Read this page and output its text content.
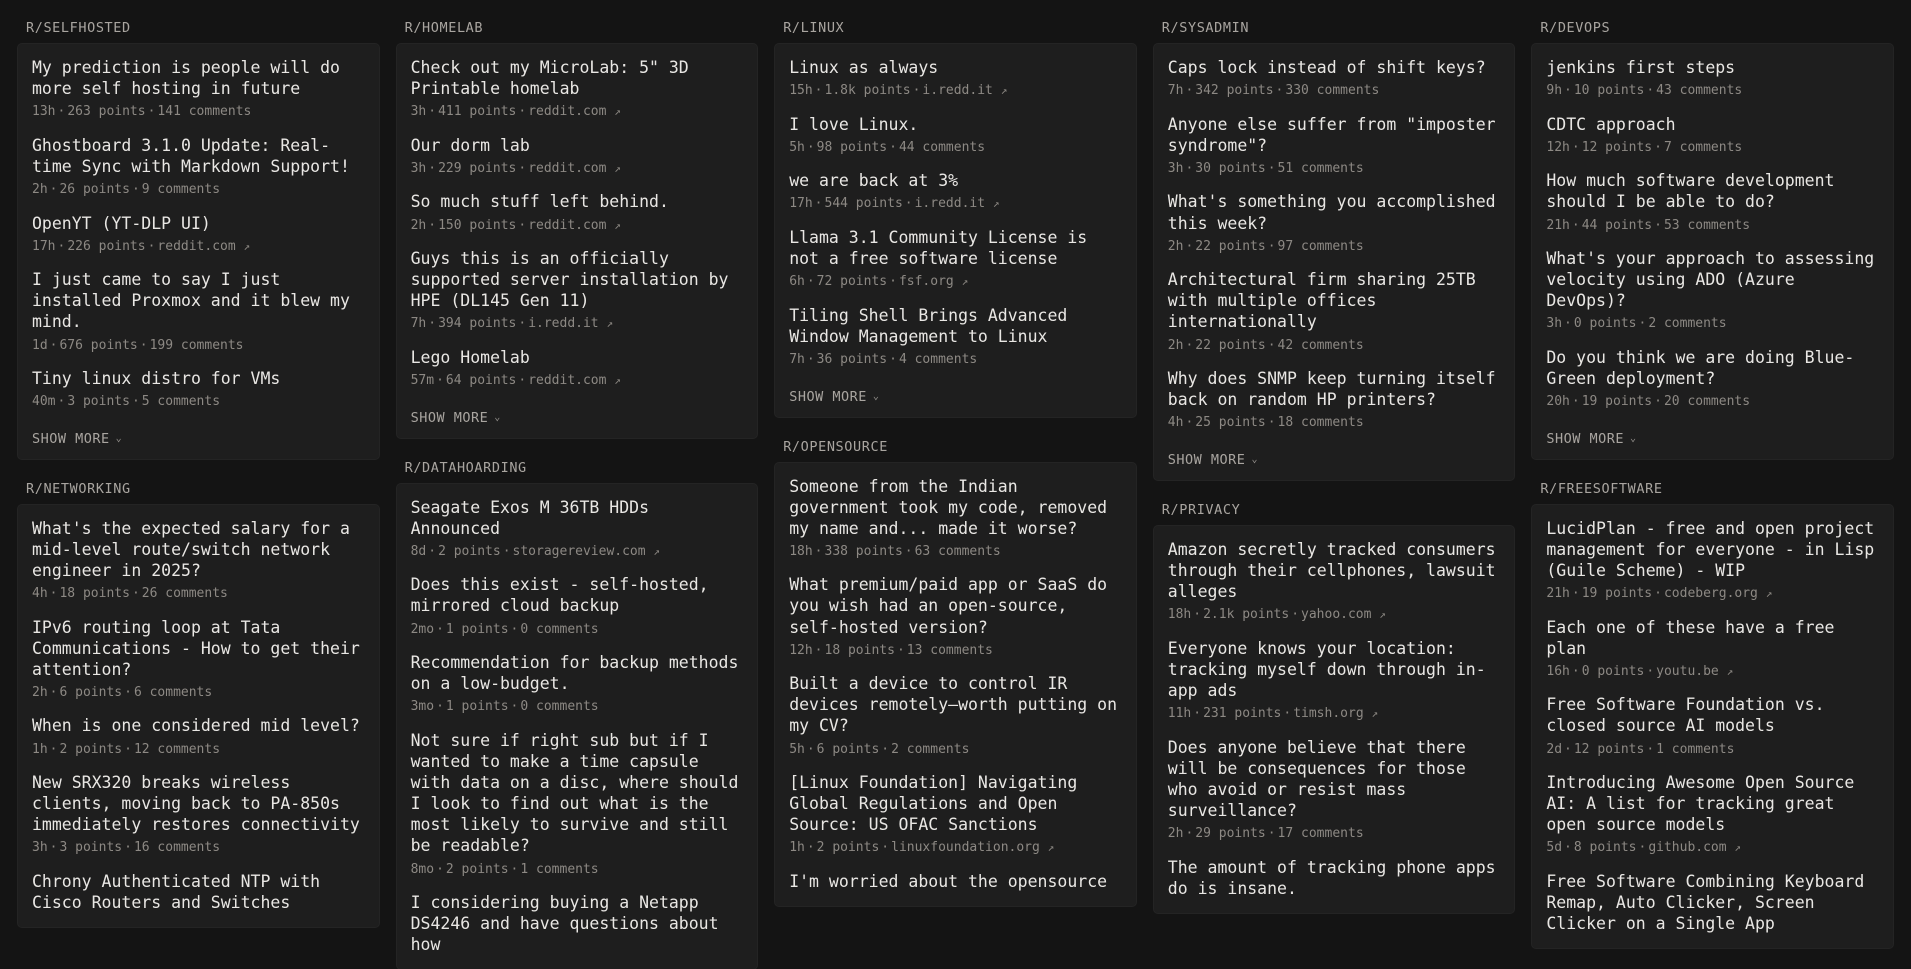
R/SELFHOSTED
My prediction is people will do more self hosting in future
13h · 263 points · 141 comments
Ghostboard 3.1.0 Update: Real-time Sync with Markdown Support!
2h · 26 points · 9 comments
OpenYT (YT-DLP UI)
17h · 226 points · reddit.com ↗
I just came to say I just installed Proxmox and it blew my mind.
1d · 676 points · 199 comments
Tiny linux distro for VMs
40m · 3 points · 5 comments
SHOW MORE ⌄
R/NETWORKING
What's the expected salary for a mid-level route/switch network engineer in 2025?
4h · 18 points · 26 comments
IPv6 routing loop at Tata Communications - How to get their attention?
2h · 6 points · 6 comments
When is one considered mid level?
1h · 2 points · 12 comments
New SRX320 breaks wireless clients, moving back to PA-850s immediately restores connectivity
3h · 3 points · 16 comments
Chrony Authenticated NTP with Cisco Routers and Switches
R/HOMELAB
Check out my MicroLab: 5" 3D Printable homelab
3h · 411 points · reddit.com ↗
Our dorm lab
3h · 229 points · reddit.com ↗
So much stuff left behind.
2h · 150 points · reddit.com ↗
Guys this is an officially supported server installation by HPE (DL145 Gen 11)
7h · 394 points · i.redd.it ↗
Lego Homelab
57m · 64 points · reddit.com ↗
SHOW MORE ⌄
R/DATAHOARDING
Seagate Exos M 36TB HDDs Announced
8d · 2 points · storagereview.com ↗
Does this exist - self-hosted, mirrored cloud backup
2mo · 1 points · 0 comments
Recommendation for backup methods on a low-budget.
3mo · 1 points · 0 comments
Not sure if right sub but if I wanted to make a time capsule with data on a disc, where should I look to find out what is the most likely to survive and still be readable?
8mo · 2 points · 1 comments
I considering buying a Netapp DS4246 and have questions about how
R/LINUX
Linux as always
15h · 1.8k points · i.redd.it ↗
I love Linux.
5h · 98 points · 44 comments
we are back at 3%
17h · 544 points · i.redd.it ↗
Llama 3.1 Community License is not a free software license
6h · 72 points · fsf.org ↗
Tiling Shell Brings Advanced Window Management to Linux
7h · 36 points · 4 comments
SHOW MORE ⌄
R/OPENSOURCE
Someone from the Indian government took my code, removed my name and... made it worse?
18h · 338 points · 63 comments
What premium/paid app or SaaS do you wish had an open-source, self-hosted version?
12h · 18 points · 13 comments
Built a device to control IR devices remotely—worth putting on my CV?
5h · 6 points · 2 comments
[Linux Foundation] Navigating Global Regulations and Open Source: US OFAC Sanctions
1h · 2 points · linuxfoundation.org ↗
I'm worried about the opensource
R/SYSADMIN
Caps lock instead of shift keys?
7h · 342 points · 330 comments
Anyone else suffer from "imposter syndrome"?
3h · 30 points · 51 comments
What's something you accomplished this week?
2h · 22 points · 97 comments
Architectural firm sharing 25TB with multiple offices internationally
2h · 22 points · 42 comments
Why does SNMP keep turning itself back on random HP printers?
4h · 25 points · 18 comments
SHOW MORE ⌄
R/PRIVACY
Amazon secretly tracked consumers through their cellphones, lawsuit alleges
18h · 2.1k points · yahoo.com ↗
Everyone knows your location: tracking myself down through in-app ads
11h · 231 points · timsh.org ↗
Does anyone believe that there will be consequences for those who avoid or resist mass surveillance?
2h · 29 points · 17 comments
The amount of tracking phone apps do is insane.
R/DEVOPS
jenkins first steps
9h · 10 points · 43 comments
CDTC approach
12h · 12 points · 7 comments
How much software development should I be able to do?
21h · 44 points · 53 comments
What's your approach to assessing velocity using ADO (Azure DevOps)?
3h · 0 points · 2 comments
Do you think we are doing Blue-Green deployment?
20h · 19 points · 20 comments
SHOW MORE ⌄
R/FREESOFTWARE
LucidPlan - free and open project management for everyone - in Lisp (Guile Scheme) - WIP
21h · 19 points · codeberg.org ↗
Each one of these have a free plan
16h · 0 points · youtu.be ↗
Free Software Foundation vs. closed source AI models
2d · 12 points · 1 comments
Introducing Awesome Open Source AI: A list for tracking great open source models
5d · 8 points · github.com ↗
Free Software Combining Keyboard Remap, Auto Clicker, Screen Clicker on a Single App
